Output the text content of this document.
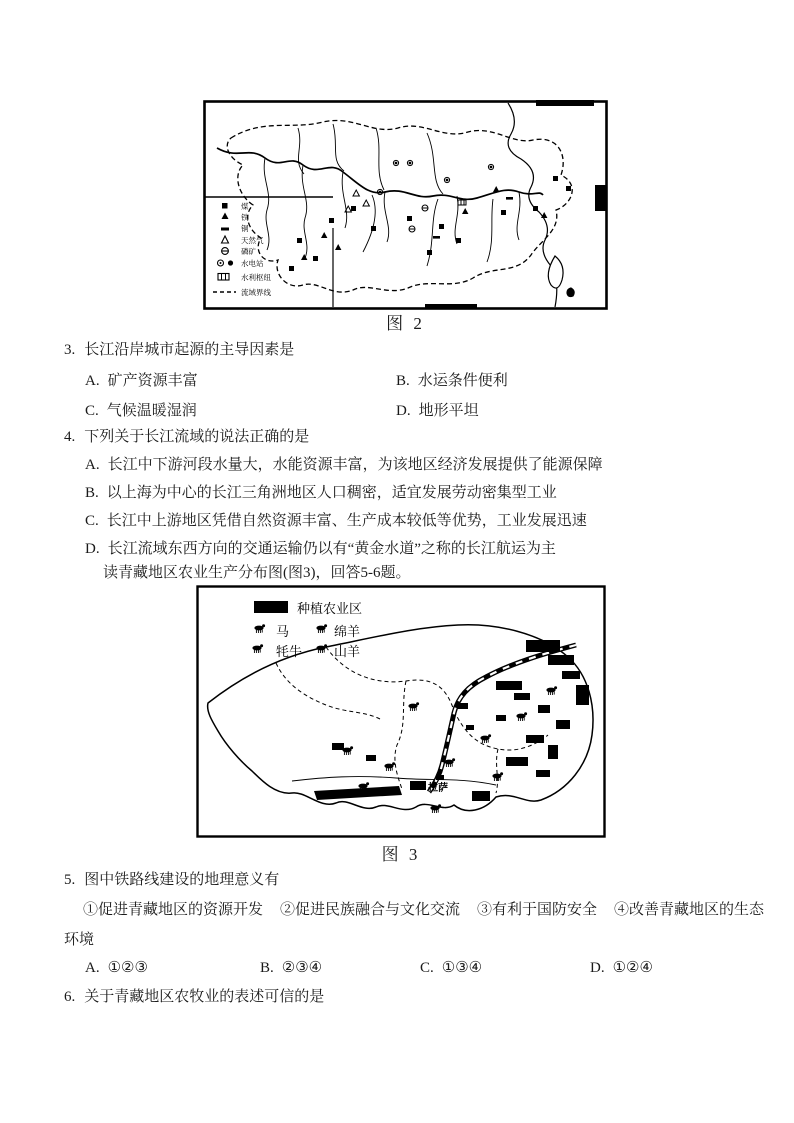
煤
铁
铜
天然气
磷矿
水电站
水利枢纽
流域界线
图 2
3. 长江沿岸城市起源的主导因素是
A. 矿产资源丰富	B. 水运条件便利
C. 气候温暖湿润	D. 地形平坦
4. 下列关于长江流域的说法正确的是
A. 长江中下游河段水量大，水能资源丰富，为该地区经济发展提供了能源保障
B. 以上海为中心的长江三角洲地区人口稠密，适宜发展劳动密集型工业
C. 长江中上游地区凭借自然资源丰富、生产成本较低等优势，工业发展迅速
D. 长江流域东西方向的交通运输仍以有“黄金水道”之称的长江航运为主
读青藏地区农业生产分布图(图3)，回答5-6题。
种植农业区
马	绵羊
牦牛 山羊
拉萨
图 3
5. 图中铁路线建设的地理意义有
①促进青藏地区的资源开发 ②促进民族融合与文化交流 ③有利于国防安全 ④改善青藏地区的生态
环境
A. ①②③	B. ②③④	C. ①③④	D. ①②④
6. 关于青藏地区农牧业的表述可信的是
